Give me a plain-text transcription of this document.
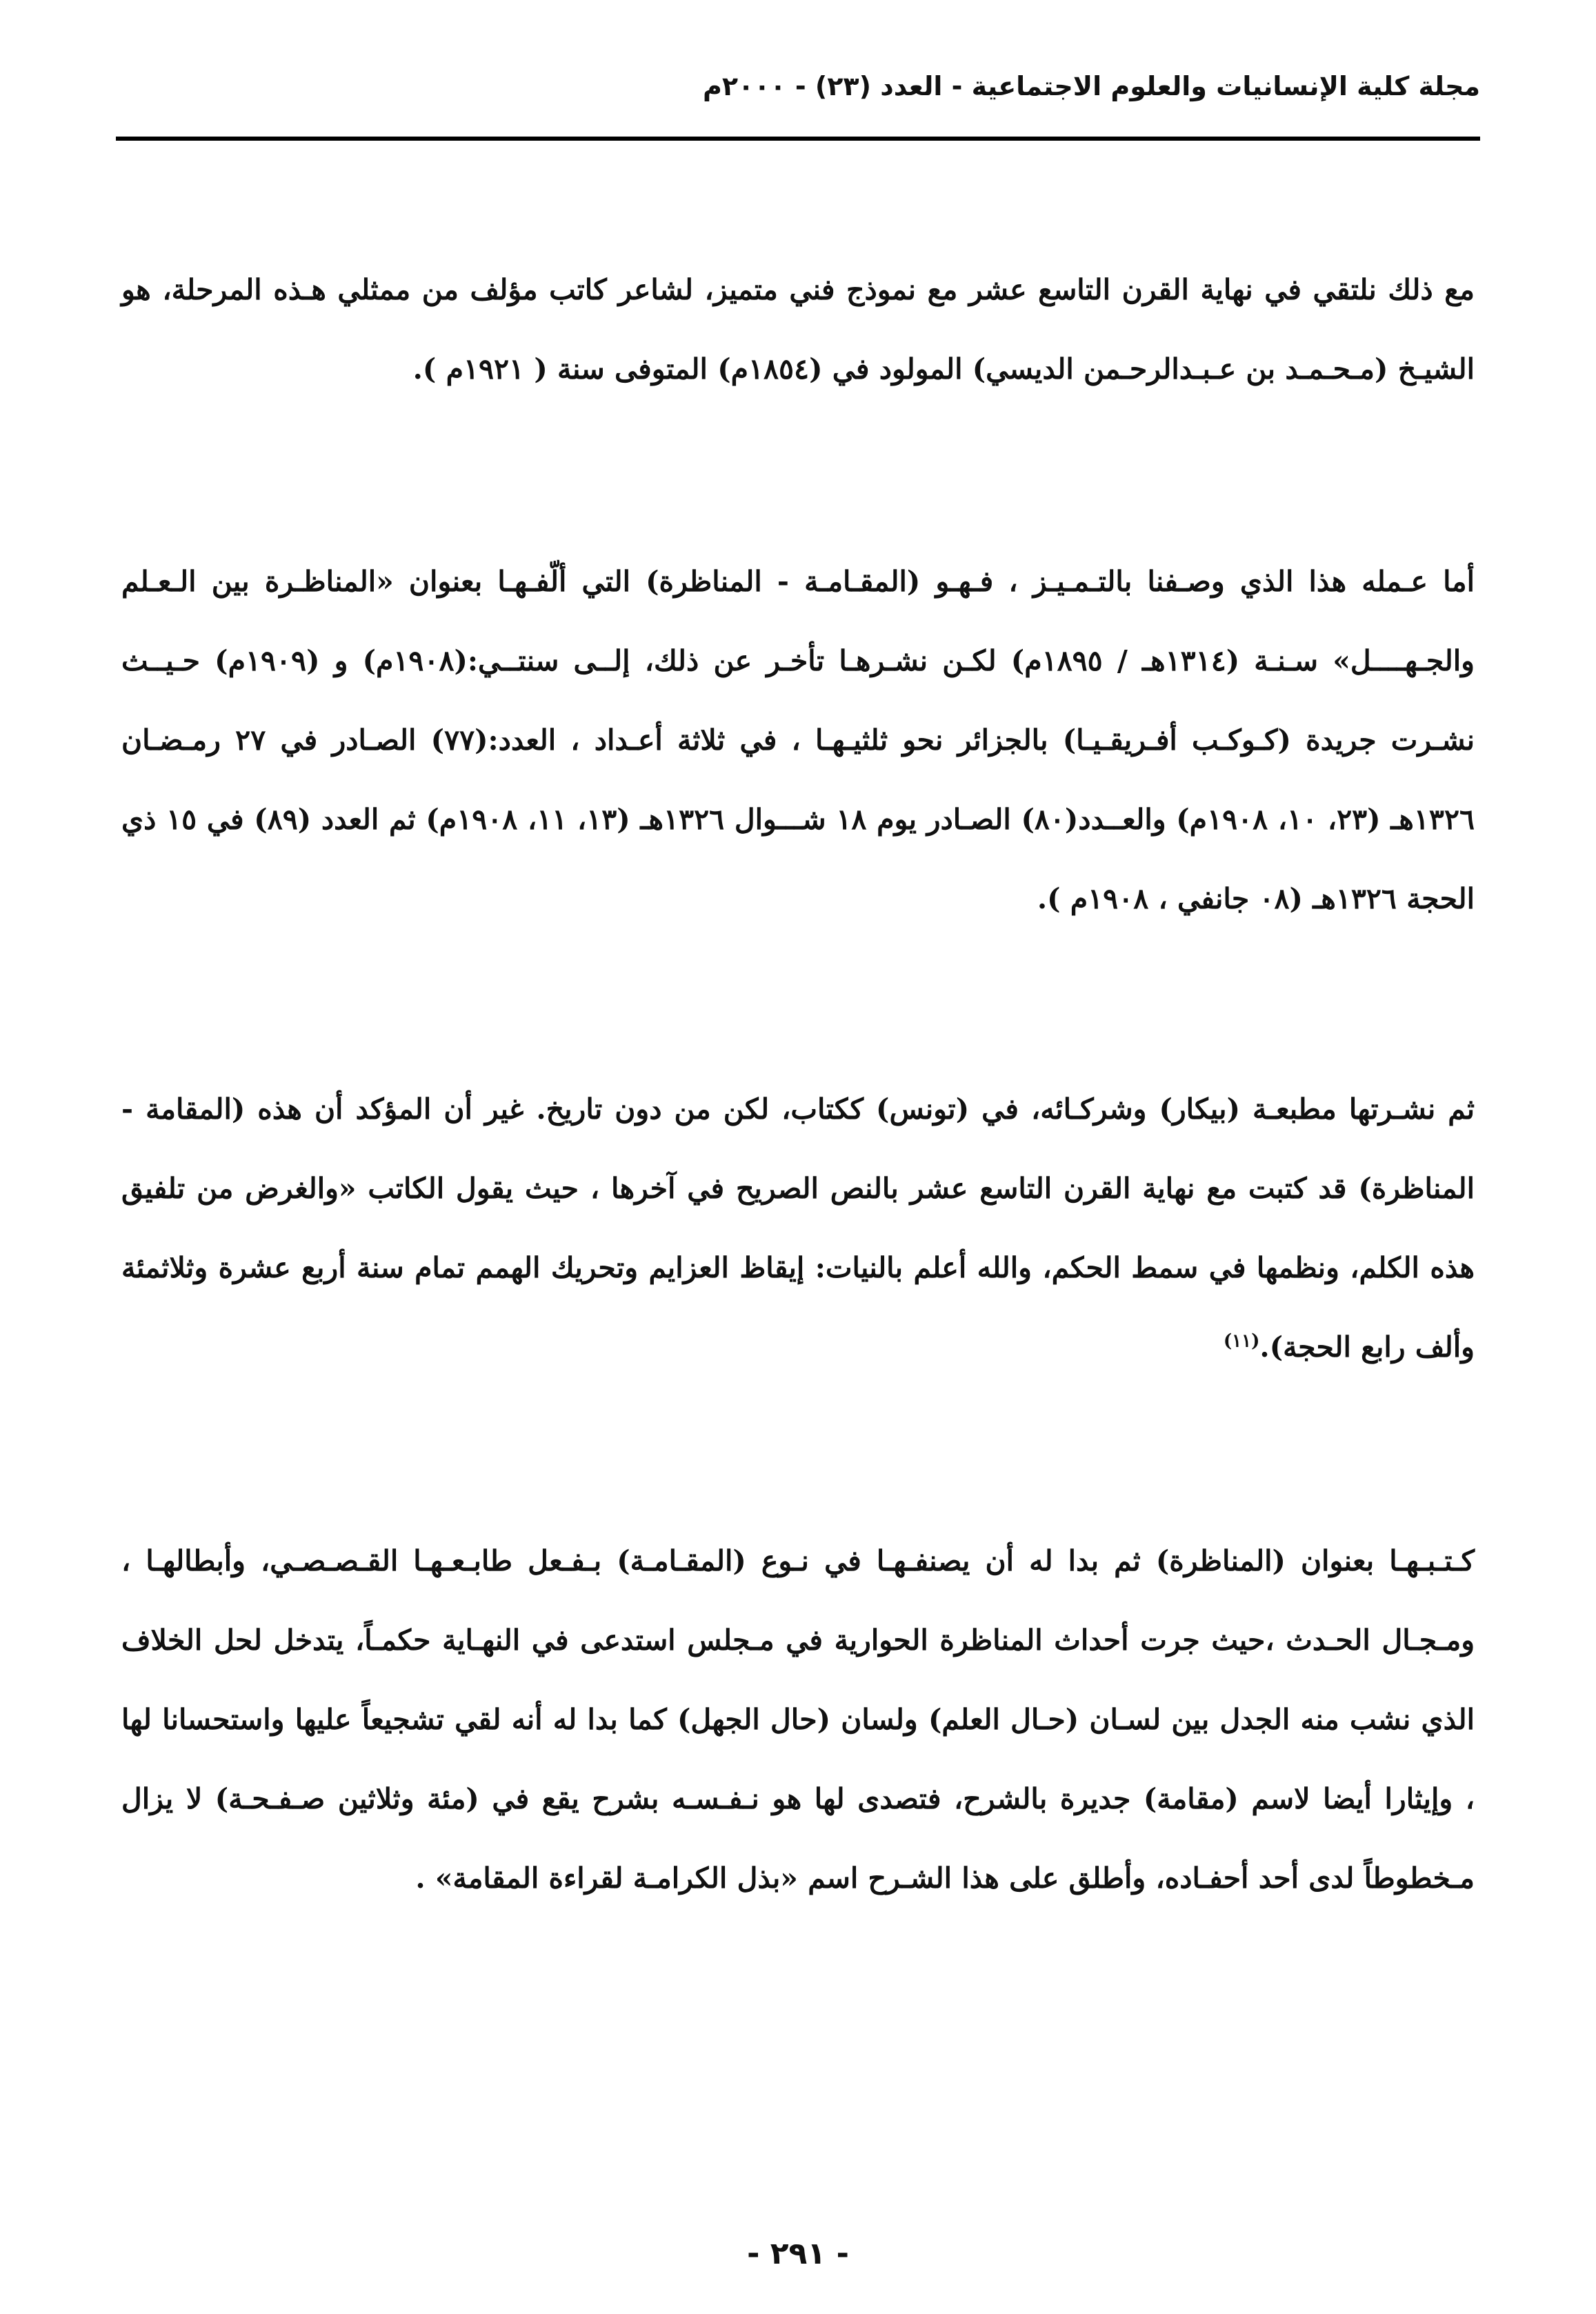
مجلة كلية الإنسانيات والعلوم الاجتماعية - العدد (٢٣) - ٢٠٠٠م

مع ذلك نلتقي في نهاية القرن التاسع عشر مع نموذج فني متميز، لشاعر كاتب مؤلف من ممثلي هـذه المرحلة، هو الشيـخ (مـحـمـد بن عـبـدالرحـمن الديسي) المولود في (١٨٥٤م) المتوفى سنة ( ١٩٢١م ).

أما عـمله هذا الذي وصـفنا بالتـمـيـز ، فـهـو (المقـامـة - المناظرة) التي ألّفـهـا بعنوان «المناظـرة بين الـعـلم والجـهــــل» سـنـة (١٣١٤هـ / ١٨٩٥م) لكـن نشـرهـا تأخـر عن ذلك، إلــى سنتــي:(١٩٠٨م) و (١٩٠٩م) حـيــث نشـرت جريدة (كـوكـب أفـريقـيـا) بالجزائر نحو ثلثيـهـا ، في ثلاثة أعـداد ، العدد:(٧٧) الصـادر في ٢٧ رمـضـان ١٣٢٦هـ (٢٣، ١٠، ١٩٠٨م) والعــدد(٨٠) الصـادر يوم ١٨ شـــوال ١٣٢٦هـ (١٣، ١١، ١٩٠٨م) ثم العدد (٨٩) في ١٥ ذي الحجة ١٣٢٦هـ (٠٨ جانفي ، ١٩٠٨م ).

ثم نشـرتها مطبعـة (بيكار) وشركـائه، في (تونس) ككتاب، لكن من دون تاريخ. غير أن المؤكد أن هذه (المقامة - المناظرة) قد كتبت مع نهاية القرن التاسع عشر بالنص الصريح في آخرها ، حيث يقول الكاتب «والغرض من تلفيق هذه الكلم، ونظمها في سمط الحكم، والله أعلم بالنيات: إيقاظ العزايم وتحريك الهمم تمام سنة أربع عشرة وثلاثمئة وألف رابع الحجة).$^{(١١)}$

كـتـبـهـا بعنوان (المناظرة) ثم بدا له أن يصنفـهـا في نـوع (المقـامـة) بـفـعل طابـعـهـا القـصـصـي، وأبطالهـا ، ومـجـال الحـدث ،حيث جرت أحداث المناظرة الحوارية في مـجلس استدعى في النهـاية حكمـاً، يتدخل لحل الخلاف الذي نشب منه الجدل بين لسـان (حـال العلم) ولسان (حال الجهل) كما بدا له أنه لقي تشجيعاً عليها واستحسانا لها ، وإيثارا أيضا لاسم (مقامة) جديرة بالشرح، فتصدى لها هو نـفـسـه بشرح يقع في (مئة وثلاثين صـفـحـة) لا يزال مـخطوطاً لدى أحد أحفـاده، وأطلق على هذا الشـرح اسم «بذل الكرامـة لقراءة المقامة» .

- ٢٩١ -
